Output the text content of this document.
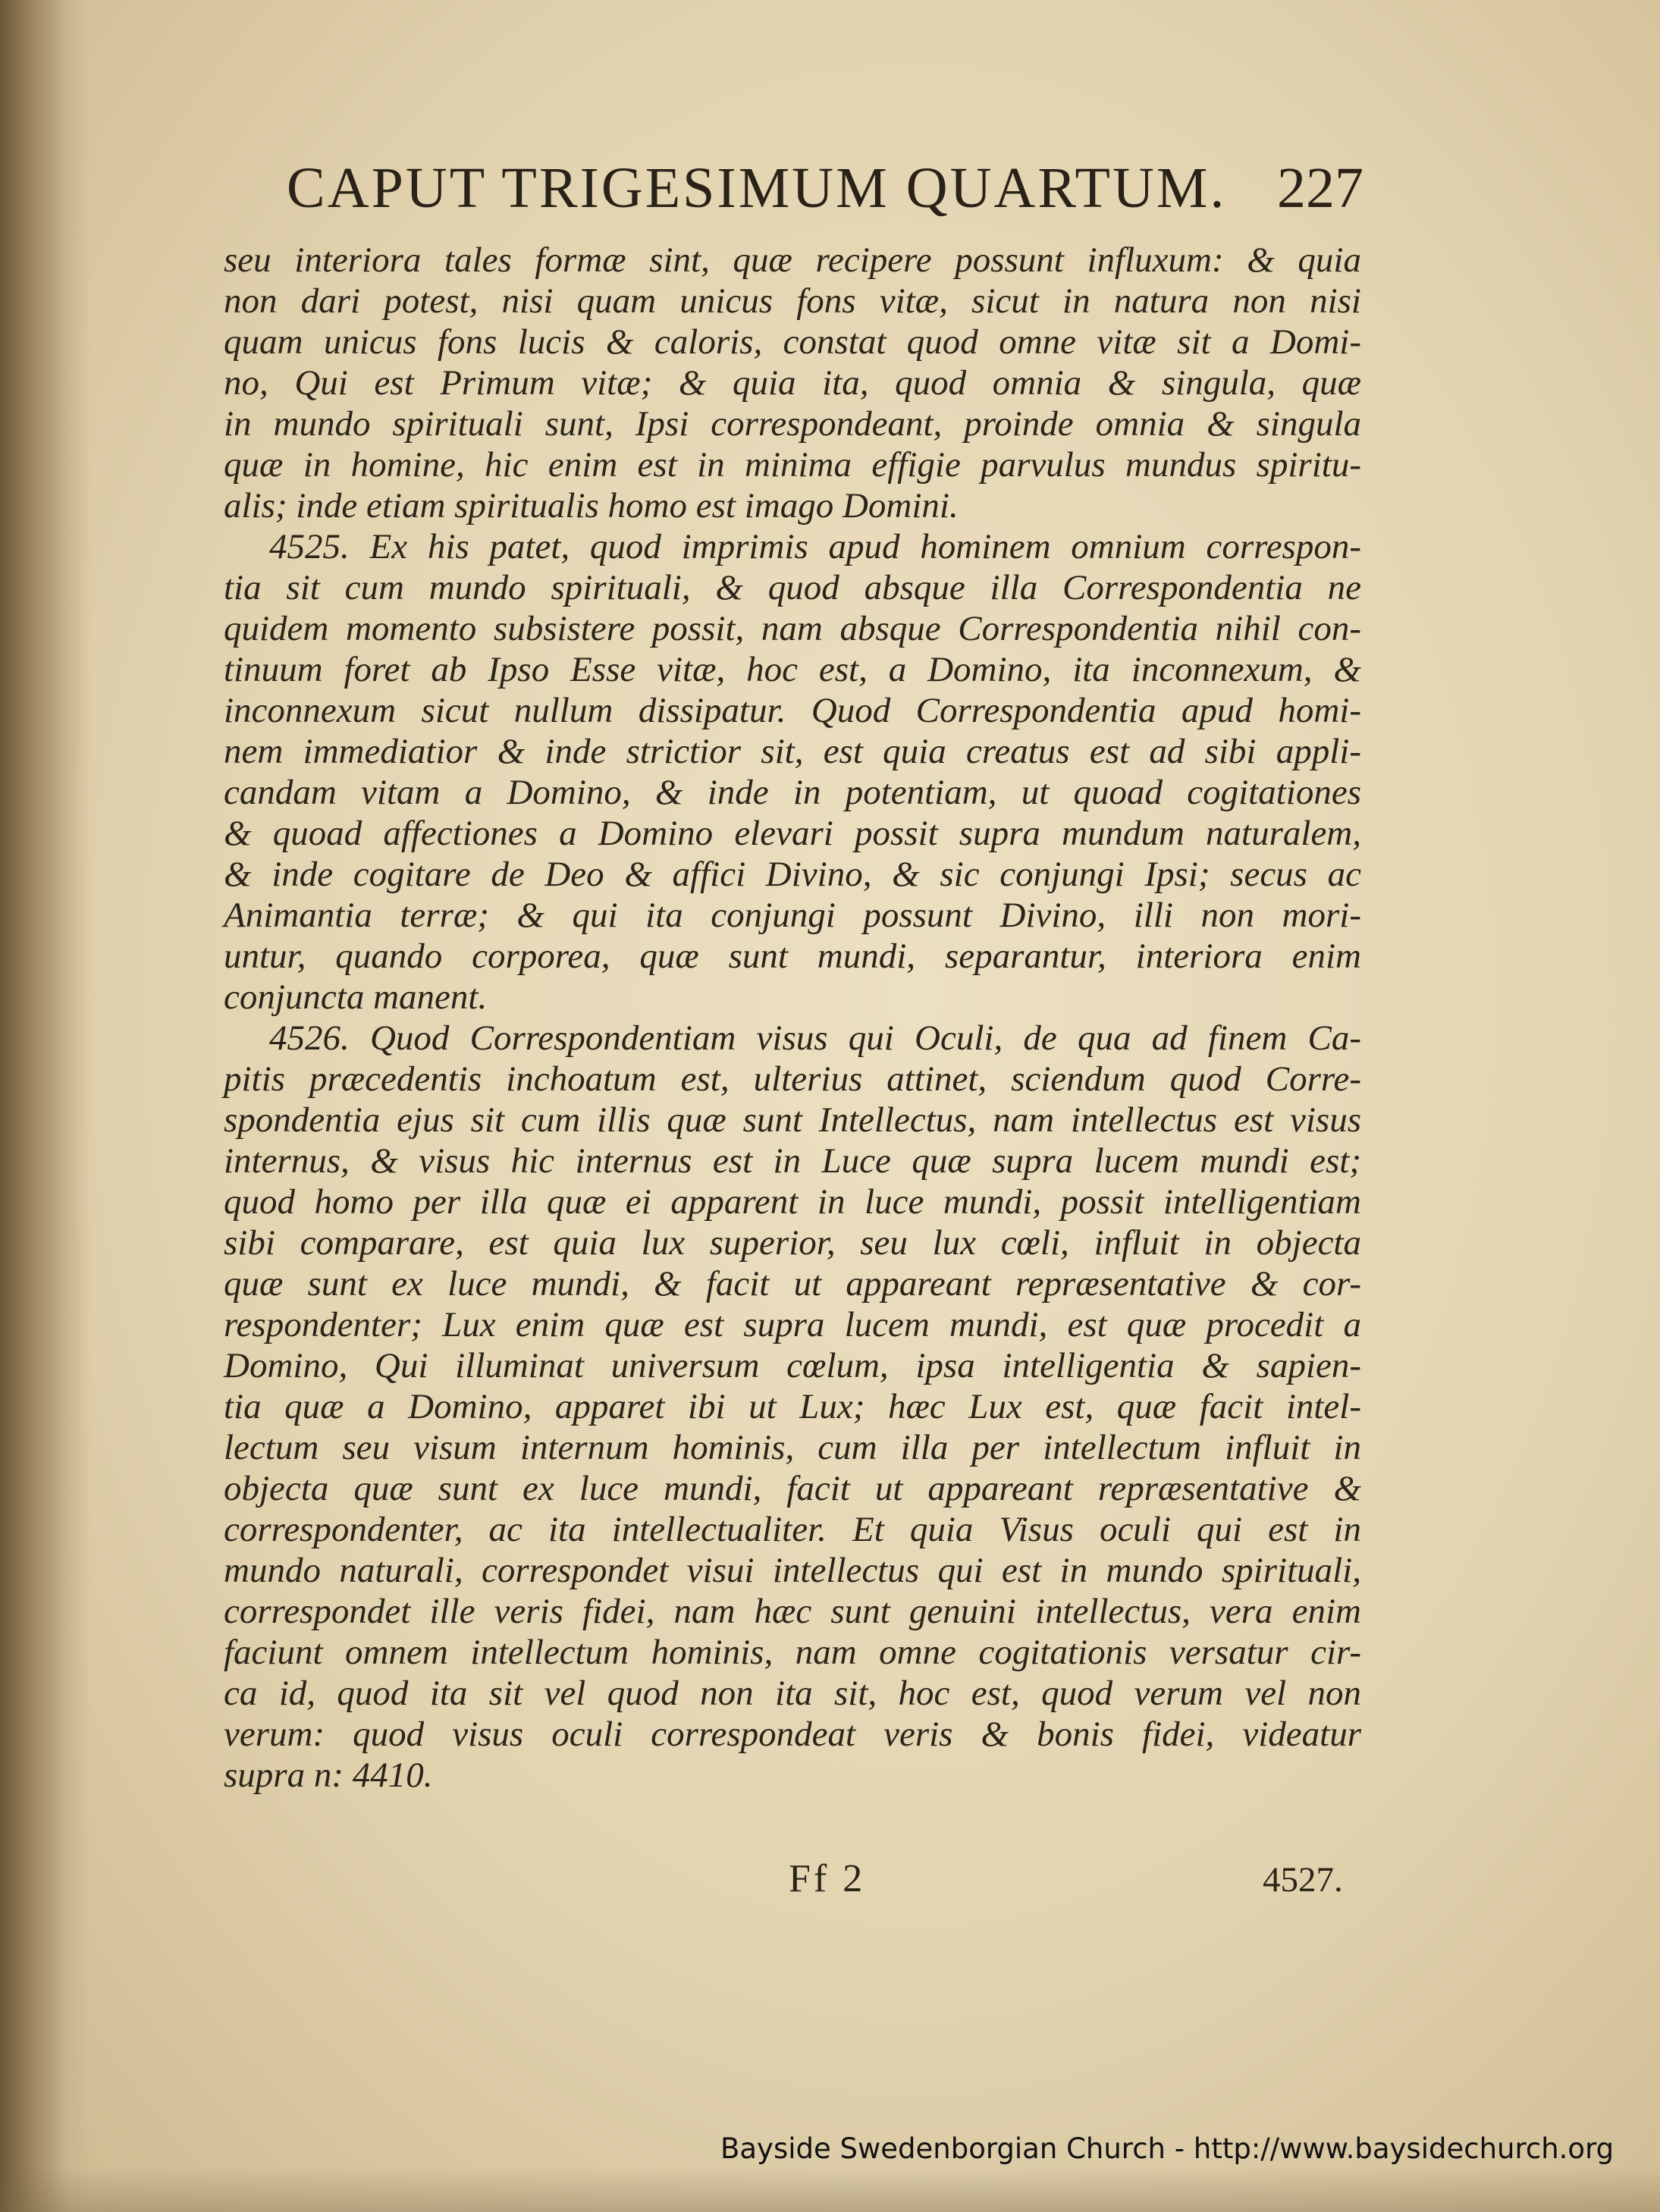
CAPUT TRIGESIMUM QUARTUM. 227
seu interiora tales formæ sint, quæ recipere possunt influxum: & quia
non dari potest, nisi quam unicus fons vitæ, sicut in natura non nisi
quam unicus fons lucis & caloris, constat quod omne vitæ sit a Domi-
no, Qui est Primum vitæ; & quia ita, quod omnia & singula, quæ
in mundo spirituali sunt, Ipsi correspondeant, proinde omnia & singula
quæ in homine, hic enim est in minima effigie parvulus mundus spiritu-
alis; inde etiam spiritualis homo est imago Domini.
4525. Ex his patet, quod imprimis apud hominem omnium correspon-
tia sit cum mundo spirituali, & quod absque illa Correspondentia ne
quidem momento subsistere possit, nam absque Correspondentia nihil con-
tinuum foret ab Ipso Esse vitæ, hoc est, a Domino, ita inconnexum, &
inconnexum sicut nullum dissipatur. Quod Correspondentia apud homi-
nem immediatior & inde strictior sit, est quia creatus est ad sibi appli-
candam vitam a Domino, & inde in potentiam, ut quoad cogitationes
& quoad affectiones a Domino elevari possit supra mundum naturalem,
& inde cogitare de Deo & affici Divino, & sic conjungi Ipsi; secus ac
Animantia terræ; & qui ita conjungi possunt Divino, illi non mori-
untur, quando corporea, quæ sunt mundi, separantur, interiora enim
conjuncta manent.
4526. Quod Correspondentiam visus qui Oculi, de qua ad finem Ca-
pitis præcedentis inchoatum est, ulterius attinet, sciendum quod Corre-
spondentia ejus sit cum illis quæ sunt Intellectus, nam intellectus est visus
internus, & visus hic internus est in Luce quæ supra lucem mundi est;
quod homo per illa quæ ei apparent in luce mundi, possit intelligentiam
sibi comparare, est quia lux superior, seu lux cœli, influit in objecta
quæ sunt ex luce mundi, & facit ut appareant repræsentative & cor-
respondenter; Lux enim quæ est supra lucem mundi, est quæ procedit a
Domino, Qui illuminat universum cœlum, ipsa intelligentia & sapien-
tia quæ a Domino, apparet ibi ut Lux; hæc Lux est, quæ facit intel-
lectum seu visum internum hominis, cum illa per intellectum influit in
objecta quæ sunt ex luce mundi, facit ut appareant repræsentative &
correspondenter, ac ita intellectualiter. Et quia Visus oculi qui est in
mundo naturali, correspondet visui intellectus qui est in mundo spirituali,
correspondet ille veris fidei, nam hæc sunt genuini intellectus, vera enim
faciunt omnem intellectum hominis, nam omne cogitationis versatur cir-
ca id, quod ita sit vel quod non ita sit, hoc est, quod verum vel non
verum: quod visus oculi correspondeat veris & bonis fidei, videatur
supra n: 4410.
Ff 2	4527.
Bayside Swedenborgian Church - http://www.baysidechurch.org
